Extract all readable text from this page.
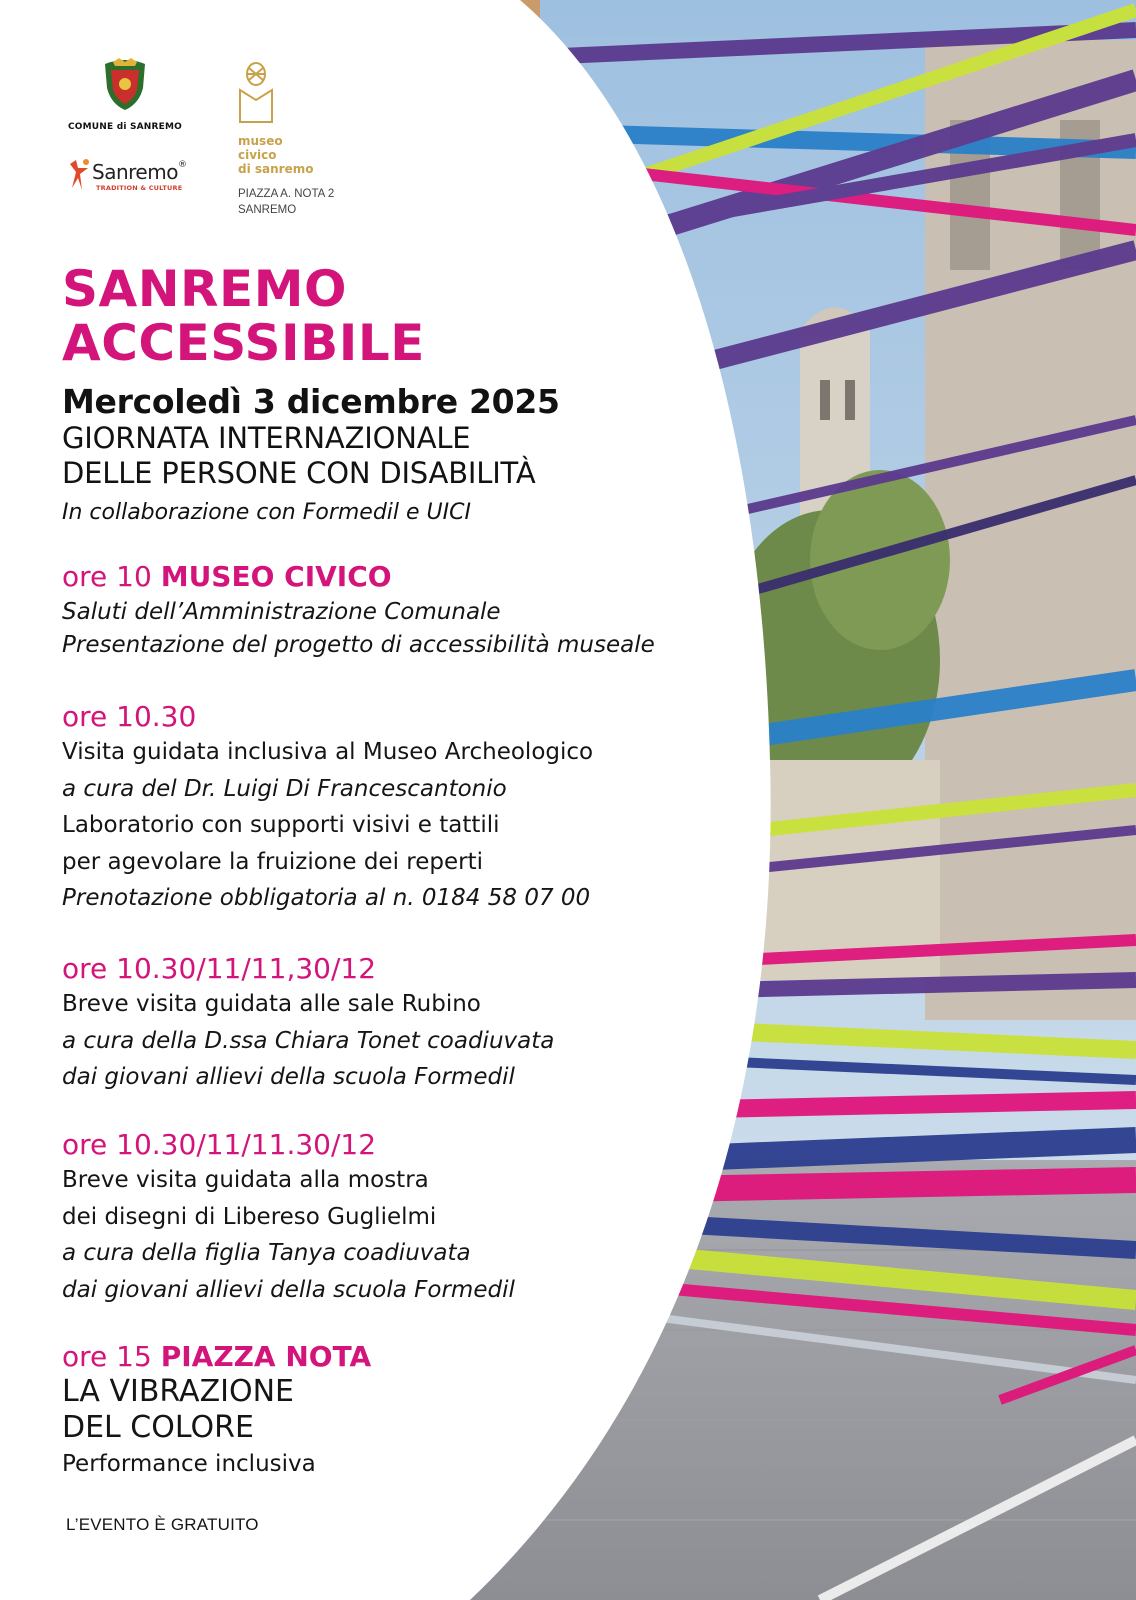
COMUNE di SANREMO
Sanremo®
TRADITION & CULTURE
museo
civico
di sanremo
PIAZZA A. NOTA 2
SANREMO
SANREMO
ACCESSIBILE
Mercoledì 3 dicembre 2025
GIORNATA INTERNAZIONALE
DELLE PERSONE CON DISABILITÀ
In collaborazione con Formedil e UICI
ore 10 MUSEO CIVICO
Saluti dell’Amministrazione Comunale
Presentazione del progetto di accessibilità museale
ore 10.30
Visita guidata inclusiva al Museo Archeologico
a cura del Dr. Luigi Di Francescantonio
Laboratorio con supporti visivi e tattili
per agevolare la fruizione dei reperti
Prenotazione obbligatoria al n. 0184 58 07 00
ore 10.30/11/11,30/12
Breve visita guidata alle sale Rubino
a cura della D.ssa Chiara Tonet coadiuvata
dai giovani allievi della scuola Formedil
ore 10.30/11/11.30/12
Breve visita guidata alla mostra
dei disegni di Libereso Guglielmi
a cura della figlia Tanya coadiuvata
dai giovani allievi della scuola Formedil
ore 15 PIAZZA NOTA
LA VIBRAZIONE
DEL COLORE
Performance inclusiva
L’EVENTO È GRATUITO
